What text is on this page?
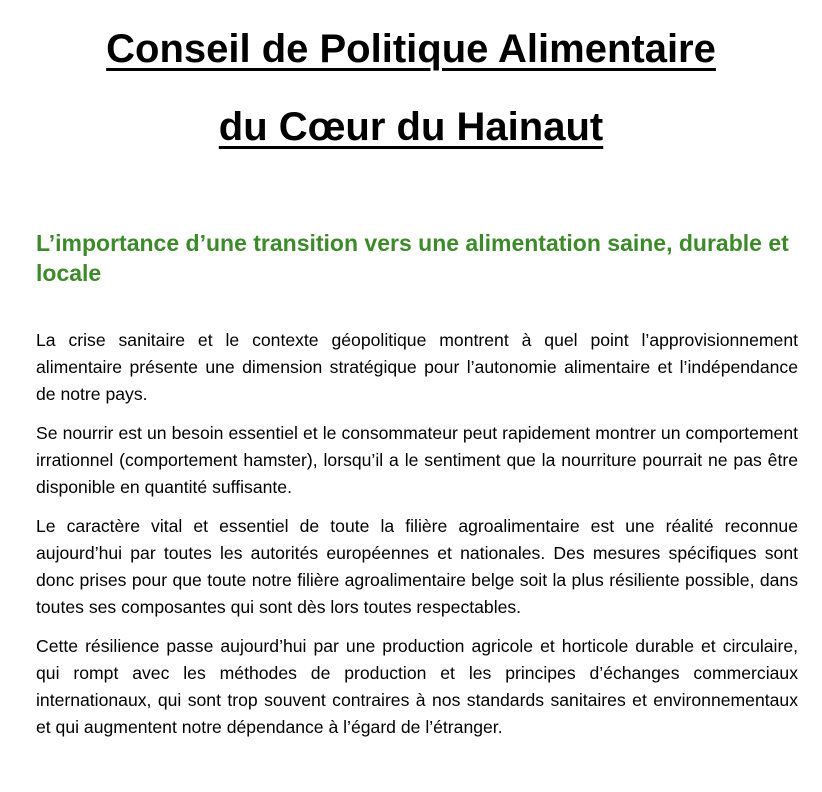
Conseil de Politique Alimentaire
du Cœur du Hainaut
L’importance d’une transition vers une alimentation saine, durable et locale

La crise sanitaire et le contexte géopolitique montrent à quel point l’approvisionnement alimentaire présente une dimension stratégique pour l’autonomie alimentaire et l’indépendance de notre pays.

Se nourrir est un besoin essentiel et le consommateur peut rapidement montrer un comportement irrationnel (comportement hamster), lorsqu’il a le sentiment que la nourriture pourrait ne pas être disponible en quantité suffisante.

Le caractère vital et essentiel de toute la filière agroalimentaire est une réalité reconnue aujourd’hui par toutes les autorités européennes et nationales. Des mesures spécifiques sont donc prises pour que toute notre filière agroalimentaire belge soit la plus résiliente possible, dans toutes ses composantes qui sont dès lors toutes respectables.

Cette résilience passe aujourd’hui par une production agricole et horticole durable et circulaire, qui rompt avec les méthodes de production et les principes d’échanges commerciaux internationaux, qui sont trop souvent contraires à nos standards sanitaires et environnementaux et qui augmentent notre dépendance à l’égard de l’étranger.
